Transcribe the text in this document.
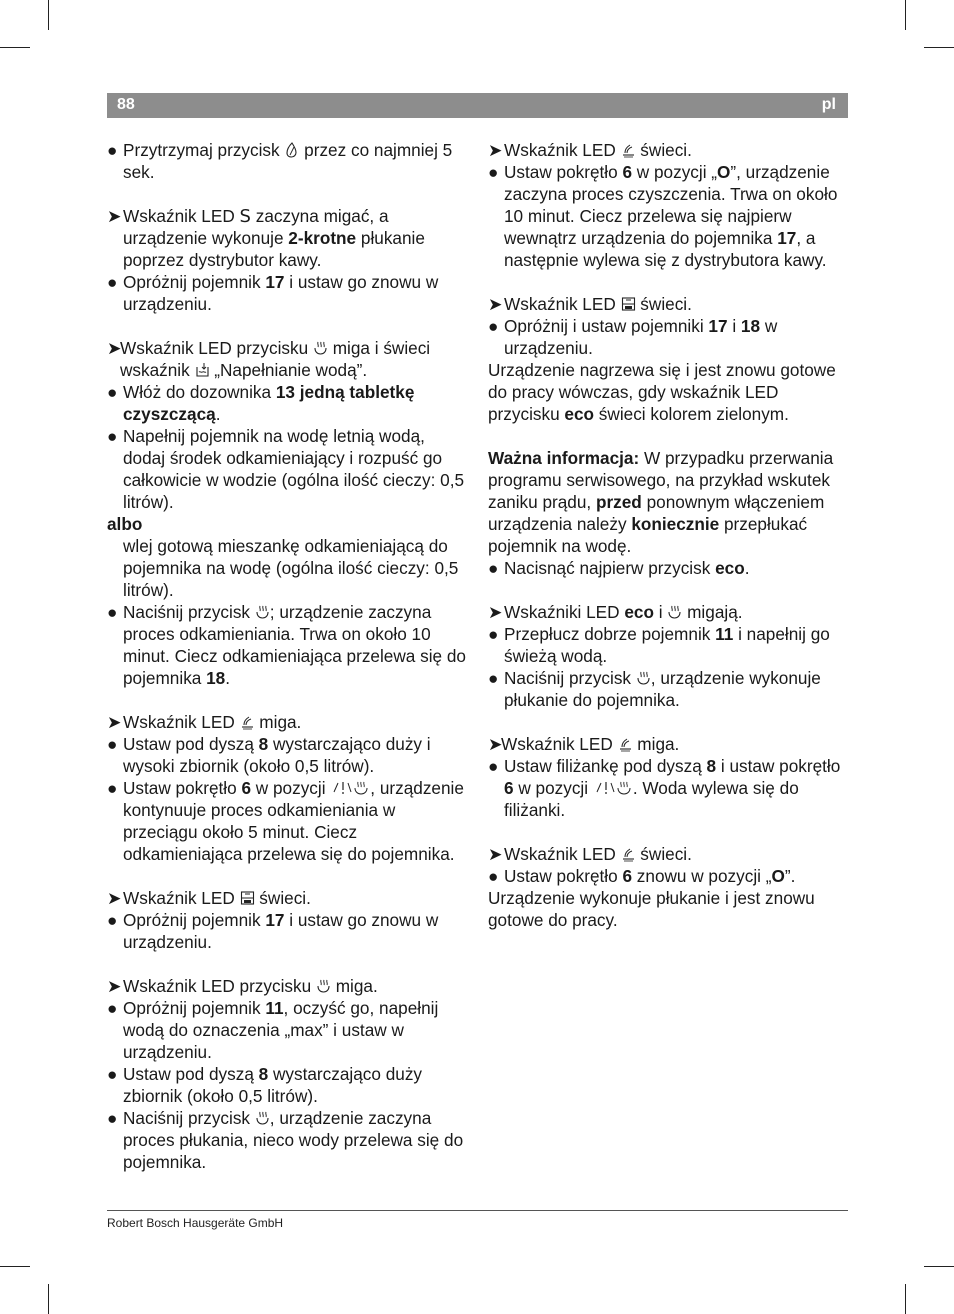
88	pl
● Przytrzymaj przycisk
przez co najmniej 5 sek.
➤ Wskaźnik LED S zaczyna migać, a urządzenie wykonuje 2-krotne płukanie poprzez dystrybutor kawy.
● Opróżnij pojemnik 17 i ustaw go znowu w urządzeniu.
➤
Wskaźnik LED przycisku
miga i świeci wskaźnik
„Napełnianie wodą”.
● Włóż do dozownika 13 jedną tabletkę czyszczącą.
● Napełnij pojemnik na wodę letnią wodą, dodaj środek odkamieniający i rozpuść go całkowicie w wodzie (ogólna ilość cieczy: 0,5 litrów).
albo
wlej gotową mieszankę odkamieniającą do pojemnika na wodę (ogólna ilość cieczy: 0,5 litrów).
● Naciśnij przycisk
; urządzenie zaczyna proces odkamieniania. Trwa on około 10 minut. Ciecz odkamieniająca przelewa się do pojemnika 18.
➤ Wskaźnik LED
miga.
● Ustaw pod dyszą 8 wystarczająco duży i wysoki zbiornik (około 0,5 litrów).
● Ustaw pokrętło 6 w pozycji
, urządzenie kontynuuje proces odkamieniania w przeciągu około 5 minut. Ciecz odkamieniająca przelewa się do pojemnika.
➤ Wskaźnik LED
świeci.
● Opróżnij pojemnik 17 i ustaw go znowu w urządzeniu.
➤ Wskaźnik LED przycisku
miga.
● Opróżnij pojemnik 11, oczyść go, napełnij wodą do oznaczenia „max” i ustaw w urządzeniu.
● Ustaw pod dyszą 8 wystarczająco duży zbiornik (około 0,5 litrów).
● Naciśnij przycisk
, urządzenie zaczyna proces płukania, nieco wody przelewa się do pojemnika.
➤ Wskaźnik LED
świeci.
● Ustaw pokrętło 6 w pozycji „O”, urządzenie zaczyna proces czyszczenia. Trwa on około 10 minut. Ciecz przelewa się najpierw wewnątrz urządzenia do pojemnika 17, a następnie wylewa się z dystrybutora kawy.
➤ Wskaźnik LED
świeci.
● Opróżnij i ustaw pojemniki 17 i 18 w urządzeniu.
Urządzenie nagrzewa się i jest znowu gotowe do pracy wówczas, gdy wskaźnik LED przycisku eco świeci kolorem zielonym.
Ważna informacja: W przypadku przerwania programu serwisowego, na przykład wskutek zaniku prądu, przed ponownym włączeniem urządzenia należy koniecznie przepłukać pojemnik na wodę.
● Nacisnąć najpierw przycisk eco.
➤ Wskaźniki LED eco i
migają.
● Przepłucz dobrze pojemnik 11 i napełnij go świeżą wodą.
● Naciśnij przycisk
, urządzenie wykonuje płukanie do pojemnika.
➤
Wskaźnik LED
miga.
● Ustaw filiżankę pod dyszą 8 i ustaw pokrętło 6 w pozycji
. Woda wylewa się do filiżanki.
➤ Wskaźnik LED
świeci.
● Ustaw pokrętło 6 znowu w pozycji „O”.
Urządzenie wykonuje płukanie i jest znowu gotowe do pracy.
Robert Bosch Hausgeräte GmbH
